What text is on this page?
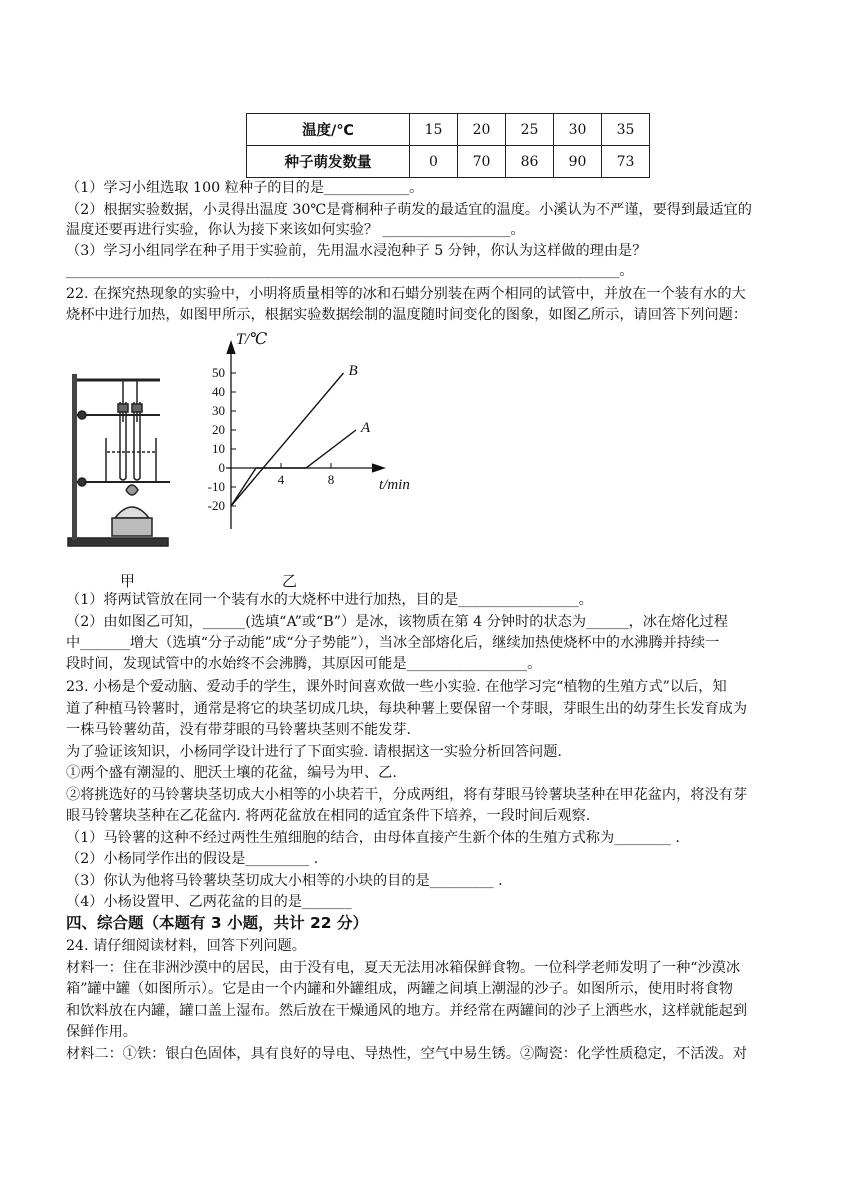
温度/℃	15	20	25	30	35
种子萌发数量	0	70	86	90	73
（1）学习小组选取 100 粒种子的目的是____________。
（2）根据实验数据，小灵得出温度 30℃是膏桐种子萌发的最适宜的温度。小溪认为不严谨，要得到最适宜的
温度还要再进行实验，你认为接下来该如何实验？ __________________。
（3）学习小组同学在种子用于实验前，先用温水浸泡种子 5 分钟，你认为这样做的理由是？
______________________________________________________________________________。
22. 在探究热现象的实验中，小明将质量相等的冰和石蜡分别装在两个相同的试管中，并放在一个装有水的大
烧杯中进行加热，如图甲所示，根据实验数据绘制的温度随时间变化的图象，如图乙所示，请回答下列问题：
甲
50
40
30
20
10
0
-10
-20
4	8
B
A
T/℃
t/min
乙
（1）将两试管放在同一个装有水的大烧杯中进行加热，目的是_________________。
（2）由如图乙可知，______(选填“A”或“B”）是冰，该物质在第 4 分钟时的状态为______，冰在熔化过程
中_______增大（选填“分子动能”成“分子势能”），当冰全部熔化后，继续加热使烧杯中的水沸腾并持续一
段时间，发现试管中的水始终不会沸腾，其原因可能是_________________。
23. 小杨是个爱动脑、爱动手的学生，课外时间喜欢做一些小实验. 在他学习完“植物的生殖方式”以后，知
道了种植马铃薯时，通常是将它的块茎切成几块，每块种薯上要保留一个芽眼，芽眼生出的幼芽生长发育成为
一株马铃薯幼苗，没有带芽眼的马铃薯块茎则不能发芽.
为了验证该知识，小杨同学设计进行了下面实验. 请根据这一实验分析回答问题.
①两个盛有潮湿的、肥沃土壤的花盆，编号为甲、乙.
②将挑选好的马铃薯块茎切成大小相等的小块若干，分成两组，将有芽眼马铃薯块茎种在甲花盆内，将没有芽
眼马铃薯块茎种在乙花盆内. 将两花盆放在相同的适宜条件下培养，一段时间后观察.
（1）马铃薯的这种不经过两性生殖细胞的结合，由母体直接产生新个体的生殖方式称为________ .
（2）小杨同学作出的假设是_________ .
（3）你认为他将马铃薯块茎切成大小相等的小块的目的是_________ .
（4）小杨设置甲、乙两花盆的目的是_______
四、综合题（本题有 3 小题，共计 22 分）
24. 请仔细阅读材料，回答下列问题。
材料一：住在非洲沙漠中的居民，由于没有电，夏天无法用冰箱保鲜食物。一位科学老师发明了一种“沙漠冰
箱”罐中罐（如图所示）。它是由一个内罐和外罐组成，两罐之间填上潮湿的沙子。如图所示，使用时将食物
和饮料放在内罐，罐口盖上湿布。然后放在干燥通风的地方。并经常在两罐间的沙子上洒些水，这样就能起到
保鲜作用。
材料二：①铁：银白色固体，具有良好的导电、导热性，空气中易生锈。②陶瓷：化学性质稳定，不活泼。对
